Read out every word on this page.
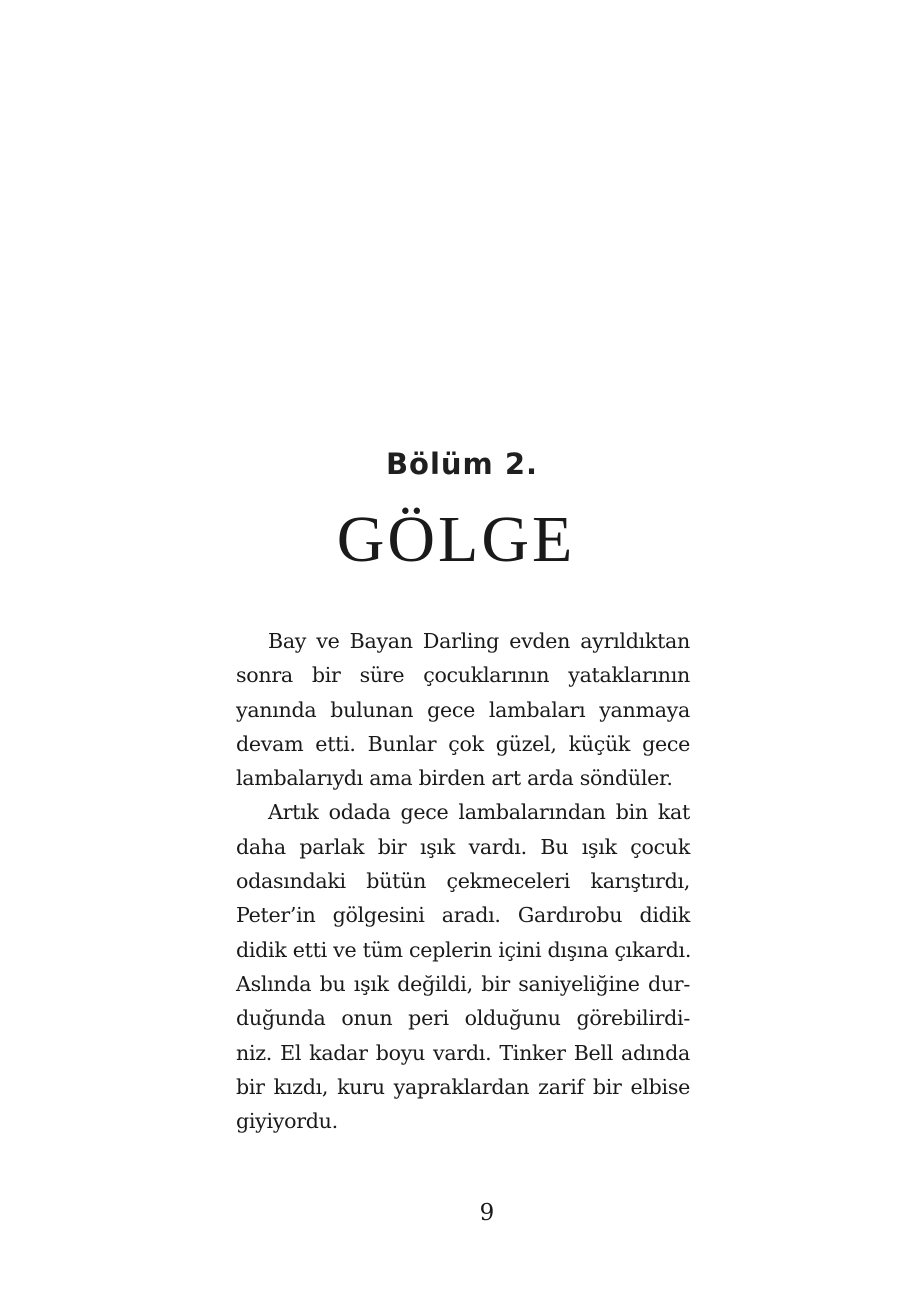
Bölüm 2.
GÖLGE
Bay ve Bayan Darling evden ayrıldıktan
sonra bir süre çocuklarının yataklarının
yanında bulunan gece lambaları yanmaya
devam etti. Bunlar çok güzel, küçük gece
lambalarıydı ama birden art arda söndüler.
Artık odada gece lambalarından bin kat
daha parlak bir ışık vardı. Bu ışık çocuk
odasındaki bütün çekmeceleri karıştırdı,
Peter’in gölgesini aradı. Gardırobu didik
didik etti ve tüm ceplerin içini dışına çıkardı.
Aslında bu ışık değildi, bir saniyeliğine dur-
duğunda onun peri olduğunu görebilirdi-
niz. El kadar boyu vardı. Tinker Bell adında
bir kızdı, kuru yapraklardan zarif bir elbise
giyiyordu.
9
